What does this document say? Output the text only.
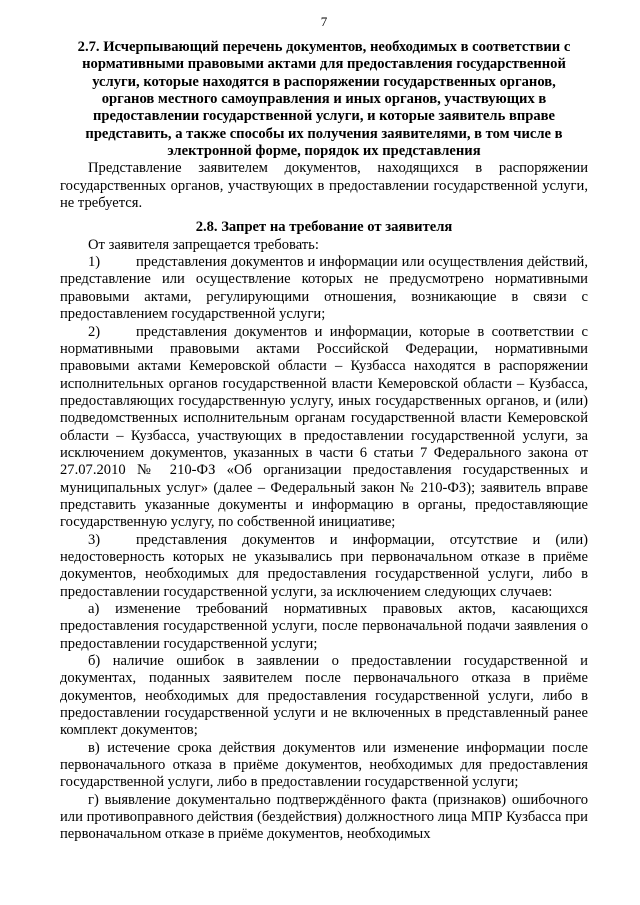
7
2.7. Исчерпывающий перечень документов, необходимых в соответствии с нормативными правовыми актами для предоставления государственной услуги, которые находятся в распоряжении государственных органов, органов местного самоуправления и иных органов, участвующих в предоставлении государственной услуги, и которые заявитель вправе представить, а также способы их получения заявителями, в том числе в электронной форме, порядок их представления

Представление заявителем документов, находящихся в распоряжении государственных органов, участвующих в предоставлении государственной услуги, не требуется.

2.8. Запрет на требование от заявителя

От заявителя запрещается требовать:

1) представления документов и информации или осуществления действий, представление или осуществление которых не предусмотрено нормативными правовыми актами, регулирующими отношения, возникающие в связи с предоставлением государственной услуги;

2) представления документов и информации, которые в соответствии с нормативными правовыми актами Российской Федерации, нормативными правовыми актами Кемеровской области – Кузбасса находятся в распоряжении исполнительных органов государственной власти Кемеровской области – Кузбасса, предоставляющих государственную услугу, иных государственных органов, и (или) подведомственных исполнительным органам государственной власти Кемеровской области – Кузбасса, участвующих в предоставлении государственной услуги, за исключением документов, указанных в части 6 статьи 7 Федерального закона от 27.07.2010 № 210-ФЗ «Об организации предоставления государственных и муниципальных услуг» (далее – Федеральный закон № 210-ФЗ); заявитель вправе представить указанные документы и информацию в органы, предоставляющие государственную услугу, по собственной инициативе;

3) представления документов и информации, отсутствие и (или) недостоверность которых не указывались при первоначальном отказе в приёме документов, необходимых для предоставления государственной услуги, либо в предоставлении государственной услуги, за исключением следующих случаев:

а) изменение требований нормативных правовых актов, касающихся предоставления государственной услуги, после первоначальной подачи заявления о предоставлении государственной услуги;

б) наличие ошибок в заявлении о предоставлении государственной и документах, поданных заявителем после первоначального отказа в приёме документов, необходимых для предоставления государственной услуги, либо в предоставлении государственной услуги и не включенных в представленный ранее комплект документов;

в) истечение срока действия документов или изменение информации после первоначального отказа в приёме документов, необходимых для предоставления государственной услуги, либо в предоставлении государственной услуги;

г) выявление документально подтверждённого факта (признаков) ошибочного или противоправного действия (бездействия) должностного лица МПР Кузбасса при первоначальном отказе в приёме документов, необходимых
